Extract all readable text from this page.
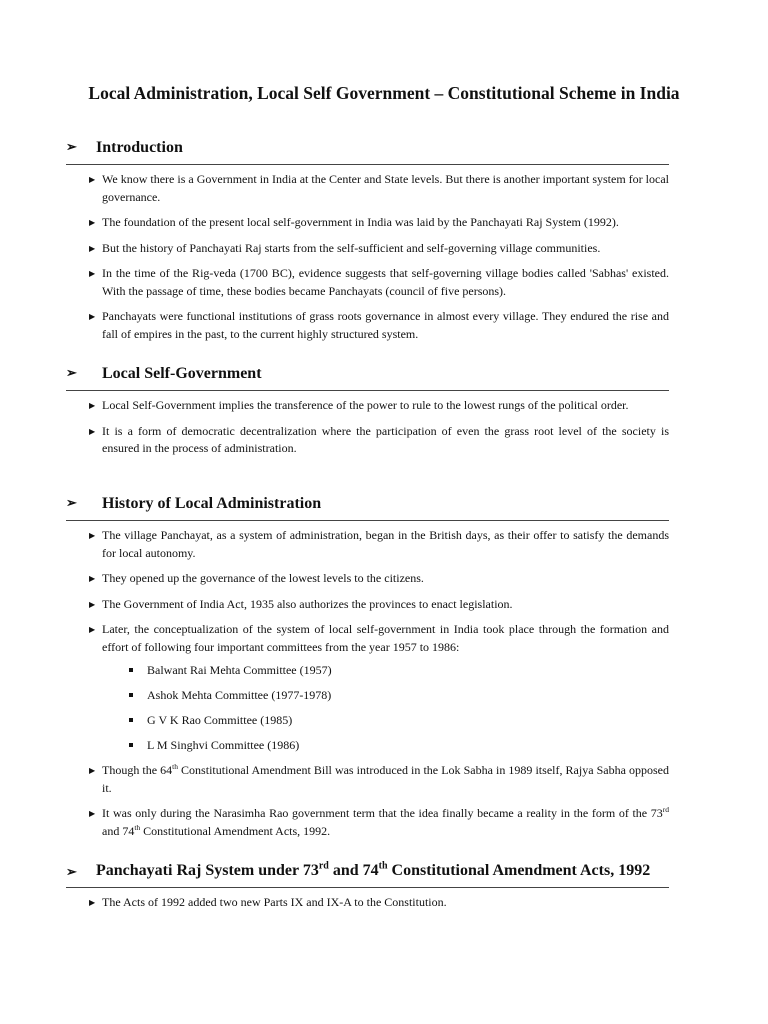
Local Administration, Local Self Government – Constitutional Scheme in India
➢	Introduction
▶ We know there is a Government in India at the Center and State levels. But there is another important system for local governance.
▶ The foundation of the present local self-government in India was laid by the Panchayati Raj System (1992).
▶ But the history of Panchayati Raj starts from the self-sufficient and self-governing village communities.
▶ In the time of the Rig-veda (1700 BC), evidence suggests that self-governing village bodies called 'Sabhas' existed. With the passage of time, these bodies became Panchayats (council of five persons).
▶ Panchayats were functional institutions of grass roots governance in almost every village. They endured the rise and fall of empires in the past, to the current highly structured system.
➢	Local Self-Government
▶ Local Self-Government implies the transference of the power to rule to the lowest rungs of the political order.
▶ It is a form of democratic decentralization where the participation of even the grass root level of the society is ensured in the process of administration.
➢	History of Local Administration
▶ The village Panchayat, as a system of administration, began in the British days, as their offer to satisfy the demands for local autonomy.
▶ They opened up the governance of the lowest levels to the citizens.
▶ The Government of India Act, 1935 also authorizes the provinces to enact legislation.
▶ Later, the conceptualization of the system of local self-government in India took place through the formation and effort of following four important committees from the year 1957 to 1986:
Balwant Rai Mehta Committee (1957)
Ashok Mehta Committee (1977-1978)
G V K Rao Committee (1985)
L M Singhvi Committee (1986)
▶ Though the 64th Constitutional Amendment Bill was introduced in the Lok Sabha in 1989 itself, Rajya Sabha opposed it.
▶ It was only during the Narasimha Rao government term that the idea finally became a reality in the form of the 73rd and 74th Constitutional Amendment Acts, 1992.
➢	Panchayati Raj System under 73rd and 74th Constitutional Amendment Acts, 1992
▶ The Acts of 1992 added two new Parts IX and IX-A to the Constitution.
